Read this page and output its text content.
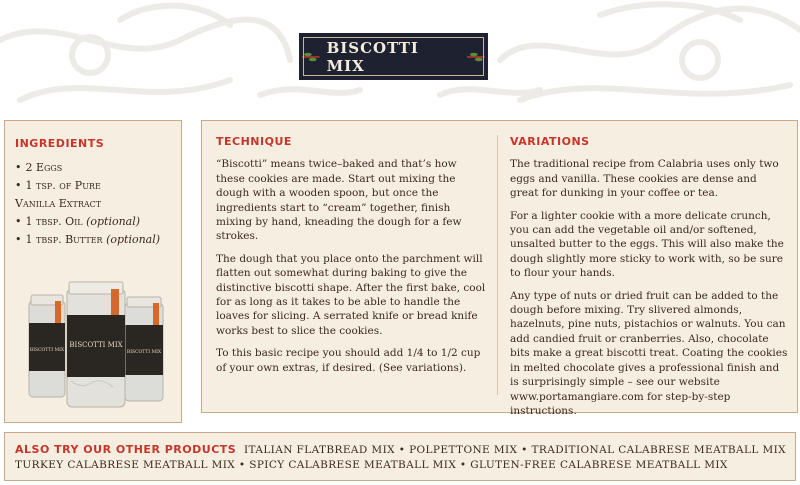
BISCOTTI MIX
INGREDIENTS
• 2 Eggs
• 1 tsp. of Pure
Vanilla Extract
• 1 tbsp. Oil (optional)
• 1 tbsp. Butter (optional)
BISCOTTI MIX	BISCOTTI MIX
BISCOTTI MIX
TECHNIQUE

“Biscotti” means twice–baked and that’s how these cookies are made. Start out mixing the dough with a wooden spoon, but once the ingredients start to “cream” together, finish mixing by hand, kneading the dough for a few strokes.

The dough that you place onto the parchment will flatten out somewhat during baking to give the distinctive biscotti shape. After the first bake, cool for as long as it takes to be able to handle the loaves for slicing. A serrated knife or bread knife works best to slice the cookies.

To this basic recipe you should add 1/4 to 1/2 cup of your own extras, if desired. (See variations).

VARIATIONS

The traditional recipe from Calabria uses only two eggs and vanilla. These cookies are dense and great for dunking in your coffee or tea.

For a lighter cookie with a more delicate crunch, you can add the vegetable oil and/or softened, unsalted butter to the eggs. This will also make the dough slightly more sticky to work with, so be sure to flour your hands.

Any type of nuts or dried fruit can be added to the dough before mixing. Try slivered almonds, hazelnuts, pine nuts, pistachios or walnuts. You can add candied fruit or cranberries. Also, chocolate bits make a great biscotti treat. Coating the cookies in melted chocolate gives a professional finish and is surprisingly simple – see our website www.portamangiare.com for step-by-step instructions.

ALSO TRY OUR OTHER PRODUCTS ITALIAN FLATBREAD MIX • POLPETTONE MIX • TRADITIONAL CALABRESE MEATBALL MIX TURKEY CALABRESE MEATBALL MIX • SPICY CALABRESE MEATBALL MIX • GLUTEN-FREE CALABRESE MEATBALL MIX
